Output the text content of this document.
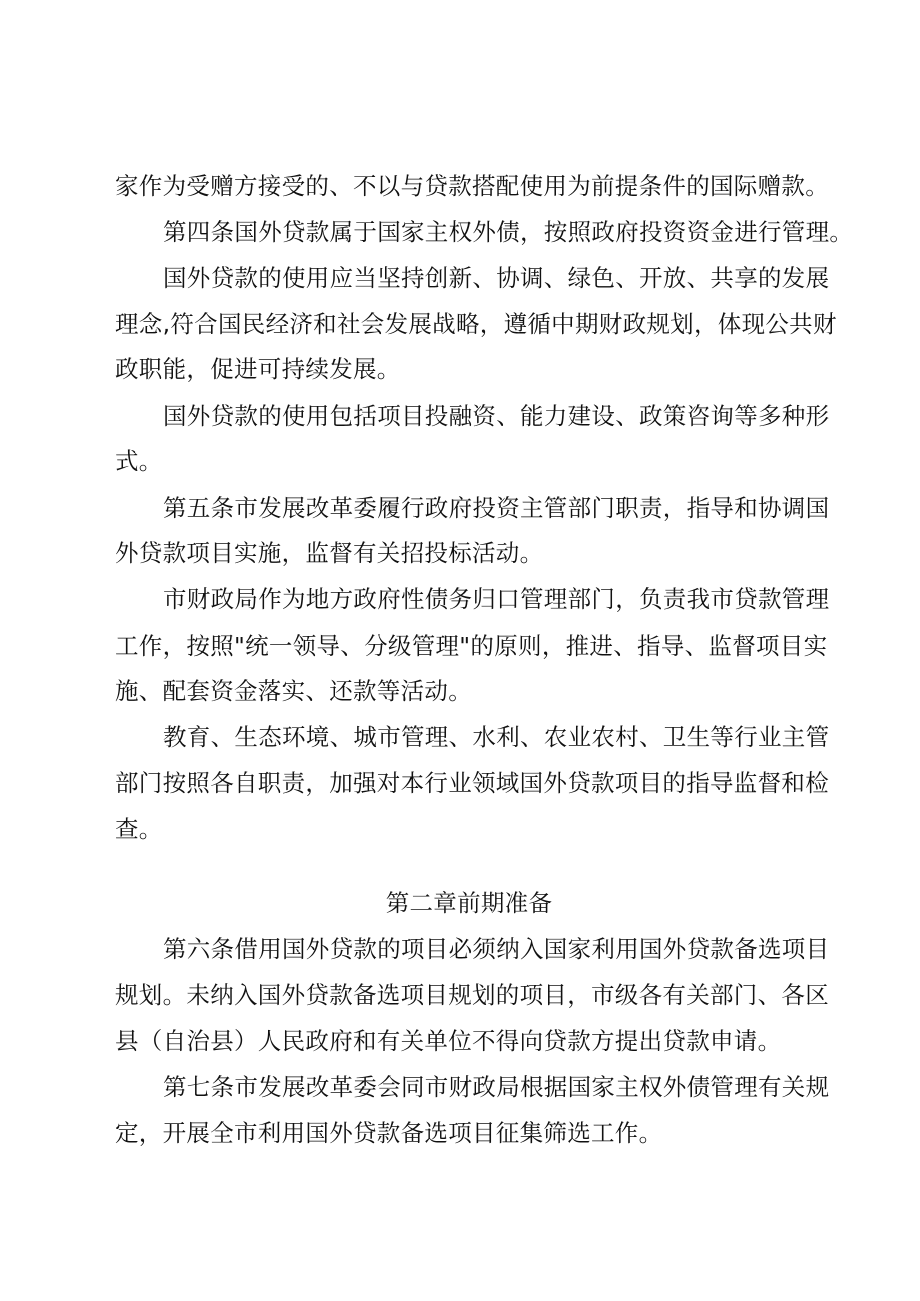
家作为受赠方接受的、不以与贷款搭配使用为前提条件的国际赠款。

第四条国外贷款属于国家主权外债，按照政府投资资金进行管理。

国外贷款的使用应当坚持创新、协调、绿色、开放、共享的发展

理念,符合国民经济和社会发展战略，遵循中期财政规划，体现公共财

政职能，促进可持续发展。

国外贷款的使用包括项目投融资、能力建设、政策咨询等多种形

式。

第五条市发展改革委履行政府投资主管部门职责，指导和协调国

外贷款项目实施，监督有关招投标活动。

市财政局作为地方政府性债务归口管理部门，负责我市贷款管理

工作，按照"统一领导、分级管理"的原则，推进、指导、监督项目实

施、配套资金落实、还款等活动。

教育、生态环境、城市管理、水利、农业农村、卫生等行业主管

部门按照各自职责，加强对本行业领域国外贷款项目的指导监督和检

查。

第二章前期准备

第六条借用国外贷款的项目必须纳入国家利用国外贷款备选项目

规划。未纳入国外贷款备选项目规划的项目，市级各有关部门、各区

县（自治县）人民政府和有关单位不得向贷款方提出贷款申请。

第七条市发展改革委会同市财政局根据国家主权外债管理有关规

定，开展全市利用国外贷款备选项目征集筛选工作。
